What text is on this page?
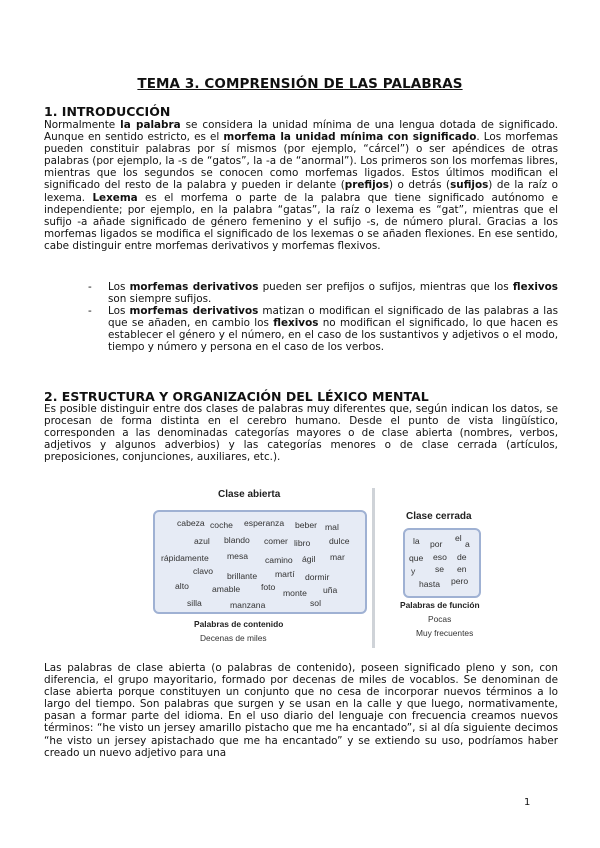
TEMA 3. COMPRENSIÓN DE LAS PALABRAS
1. INTRODUCCIÓN
Normalmente la palabra se considera la unidad mínima de una lengua dotada de significado. Aunque en sentido estricto, es el morfema la unidad mínima con significado. Los morfemas pueden constituir palabras por sí mismos (por ejemplo, “cárcel”) o ser apéndices de otras palabras (por ejemplo, la -s de “gatos”, la -a de “anormal”). Los primeros son los morfemas libres, mientras que los segundos se conocen como morfemas ligados. Estos últimos modifican el significado del resto de la palabra y pueden ir delante (prefijos) o detrás (sufijos) de la raíz o lexema. Lexema es el morfema o parte de la palabra que tiene significado autónomo e independiente; por ejemplo, en la palabra “gatas”, la raíz o lexema es “gat”, mientras que el sufijo -a añade significado de género femenino y el sufijo -s, de número plural. Gracias a los morfemas ligados se modifica el significado de los lexemas o se añaden flexiones. En ese sentido, cabe distinguir entre morfemas derivativos y morfemas flexivos.
- Los morfemas derivativos pueden ser prefijos o sufijos, mientras que los flexivos son siempre sufijos.
- Los morfemas derivativos matizan o modifican el significado de las palabras a las que se añaden, en cambio los flexivos no modifican el significado, lo que hacen es establecer el género y el número, en el caso de los sustantivos y adjetivos o el modo, tiempo y número y persona en el caso de los verbos.
2. ESTRUCTURA Y ORGANIZACIÓN DEL LÉXICO MENTAL
Es posible distinguir entre dos clases de palabras muy diferentes que, según indican los datos, se procesan de forma distinta en el cerebro humano. Desde el punto de vista lingüístico, corresponden a las denominadas categorías mayores o de clase abierta (nombres, verbos, adjetivos y algunos adverbios) y las categorías menores o de clase cerrada (artículos, preposiciones, conjunciones, auxiliares, etc.).
Clase abierta
cabeza coche esperanza beber mal
azul blando comer libro dulce
rápidamente mesa camino ágil mar
clavo brillante martí dormir
alto	amable foto
monte uña
silla	manzana	sol
Palabras de contenido
Decenas de miles
Clase cerrada
la por
el
a
que eso de
y se en
hasta pero
Palabras de función
Pocas
Muy frecuentes
Las palabras de clase abierta (o palabras de contenido), poseen significado pleno y son, con diferencia, el grupo mayoritario, formado por decenas de miles de vocablos. Se denominan de clase abierta porque constituyen un conjunto que no cesa de incorporar nuevos términos a lo largo del tiempo. Son palabras que surgen y se usan en la calle y que luego, normativamente, pasan a formar parte del idioma. En el uso diario del lenguaje con frecuencia creamos nuevos términos: “he visto un jersey amarillo pistacho que me ha encantado”, si al día siguiente decimos “he visto un jersey apistachado que me ha encantado” y se extiendo su uso, podríamos haber creado un nuevo adjetivo para una
1
